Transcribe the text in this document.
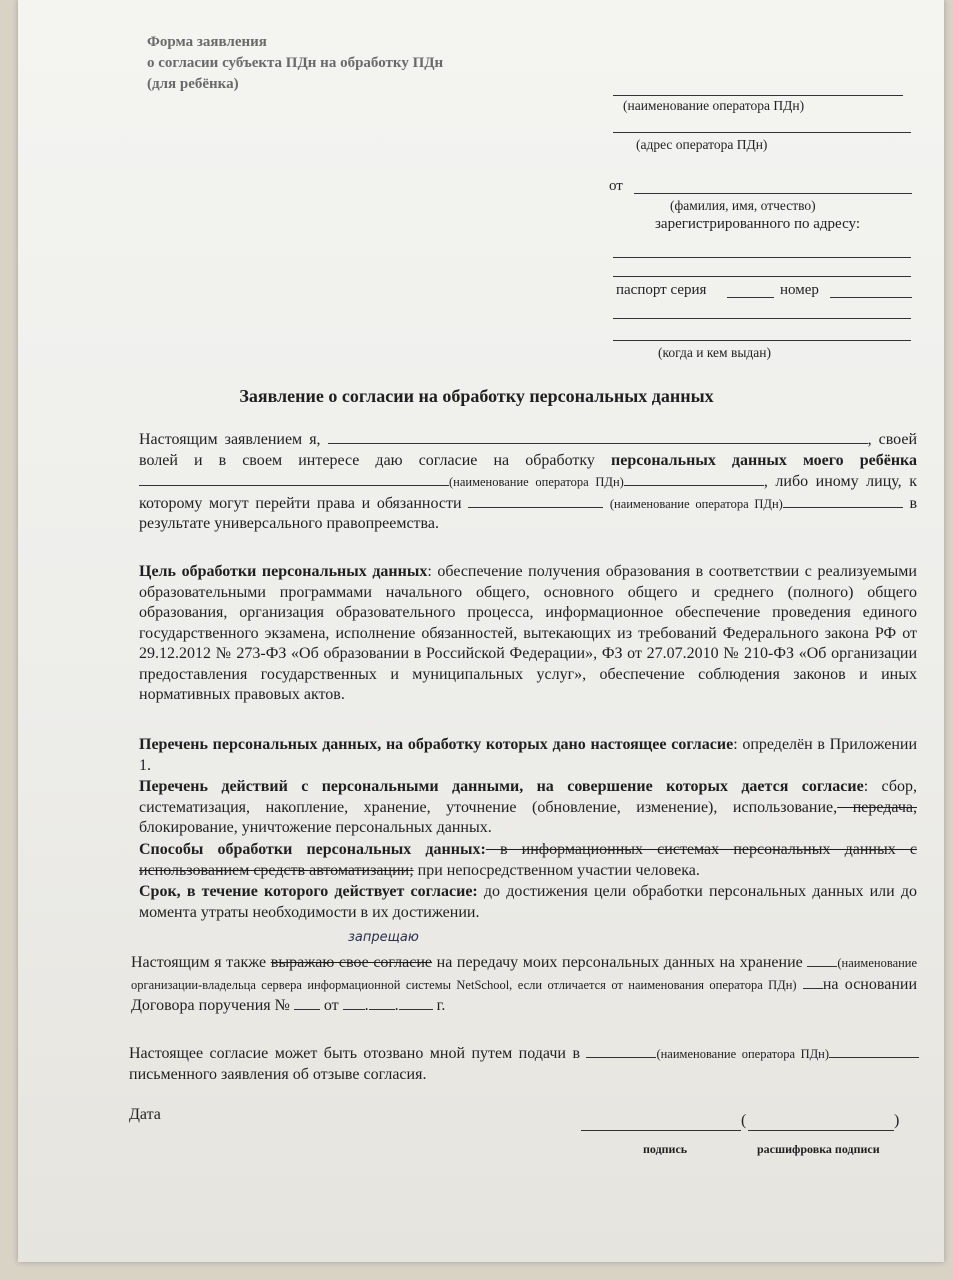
Форма заявления
о согласии субъекта ПДн на обработку ПДн
(для ребёнка)
(наименование оператора ПДн)
(адрес оператора ПДн)
от
(фамилия, имя, отчество)
зарегистрированного по адресу:
паспорт серия	номер
(когда и кем выдан)
Заявление о согласии на обработку персональных данных

Настоящим заявлением я,	, своей волей и в своем интересе даю согласие на обработку персональных данных моего ребёнка (наименование оператора ПДн)	, либо иному лицу, к которому могут перейти права и обязанности	(наименование оператора ПДн)	в результате универсального правопреемства.

Цель обработки персональных данных: обеспечение получения образования в соответствии с реализуемыми образовательными программами начального общего, основного общего и среднего (полного) общего образования, организация образовательного процесса, информационное обеспечение проведения единого государственного экзамена, исполнение обязанностей, вытекающих из требований Федерального закона РФ от 29.12.2012 № 273-ФЗ «Об образовании в Российской Федерации», ФЗ от 27.07.2010 № 210-ФЗ «Об организации предоставления государственных и муниципальных услуг», обеспечение соблюдения законов и иных нормативных правовых актов.

Перечень персональных данных, на обработку которых дано настоящее согласие: определён в Приложении 1.

Перечень действий с персональными данными, на совершение которых дается согласие: сбор, систематизация, накопление, хранение, уточнение (обновление, изменение), использование, передача, блокирование, уничтожение персональных данных.

Способы обработки персональных данных: в информационных системах персональных данных с использованием средств автоматизации; при непосредственном участии человека.

Срок, в течение которого действует согласие: до достижения цели обработки персональных данных или до момента утраты необходимости в их достижении.

запрещаю

Настоящим я также выражаю свое согласие на передачу моих персональных данных на хранение	(наименование организации-владельца сервера информационной системы NetSchool, если отличается от наименования оператора ПДн) на основании Договора поручения № от . . г.

Настоящее согласие может быть отозвано мной путем подачи в	(наименование оператора ПДн) письменного заявления об отзыве согласия.

Дата	(	)
подпись	расшифровка подписи
